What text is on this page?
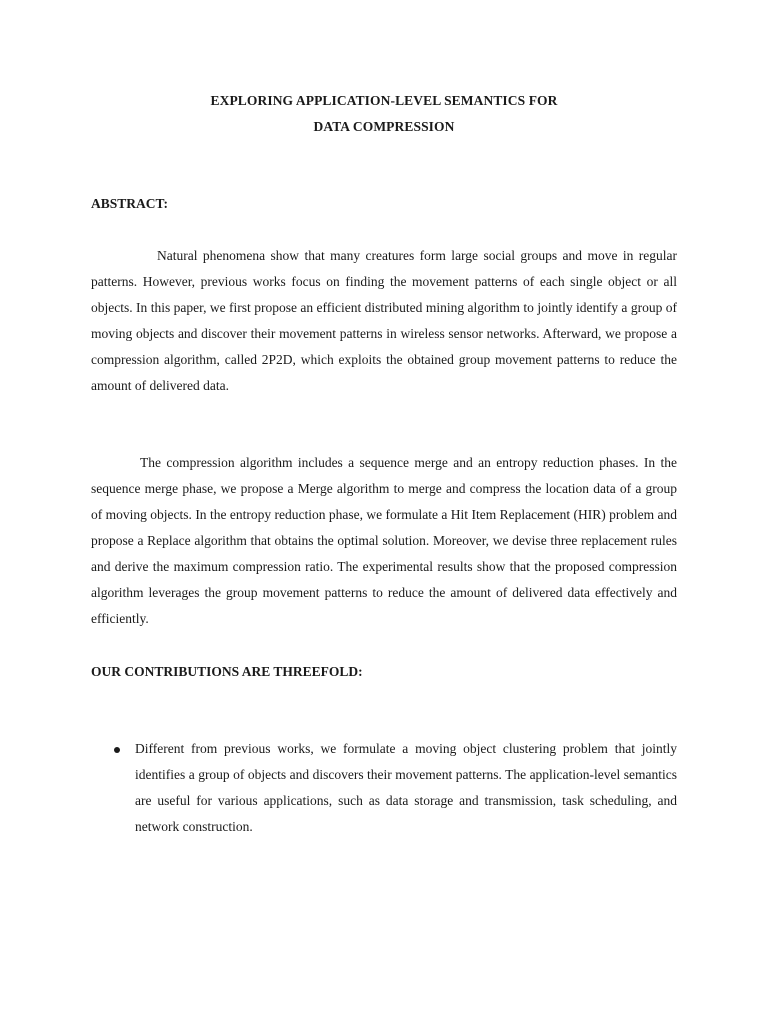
EXPLORING APPLICATION-LEVEL SEMANTICS FOR
DATA COMPRESSION
ABSTRACT:

Natural phenomena show that many creatures form large social groups and move in regular patterns. However, previous works focus on finding the movement patterns of each single object or all objects. In this paper, we first propose an efficient distributed mining algorithm to jointly identify a group of moving objects and discover their movement patterns in wireless sensor networks. Afterward, we propose a compression algorithm, called 2P2D, which exploits the obtained group movement patterns to reduce the amount of delivered data.

The compression algorithm includes a sequence merge and an entropy reduction phases. In the sequence merge phase, we propose a Merge algorithm to merge and compress the location data of a group of moving objects. In the entropy reduction phase, we formulate a Hit Item Replacement (HIR) problem and propose a Replace algorithm that obtains the optimal solution. Moreover, we devise three replacement rules and derive the maximum compression ratio. The experimental results show that the proposed compression algorithm leverages the group movement patterns to reduce the amount of delivered data effectively and efficiently.

OUR CONTRIBUTIONS ARE THREEFOLD:

Different from previous works, we formulate a moving object clustering problem that jointly identifies a group of objects and discovers their movement patterns. The application-level semantics are useful for various applications, such as data storage and transmission, task scheduling, and network construction.
